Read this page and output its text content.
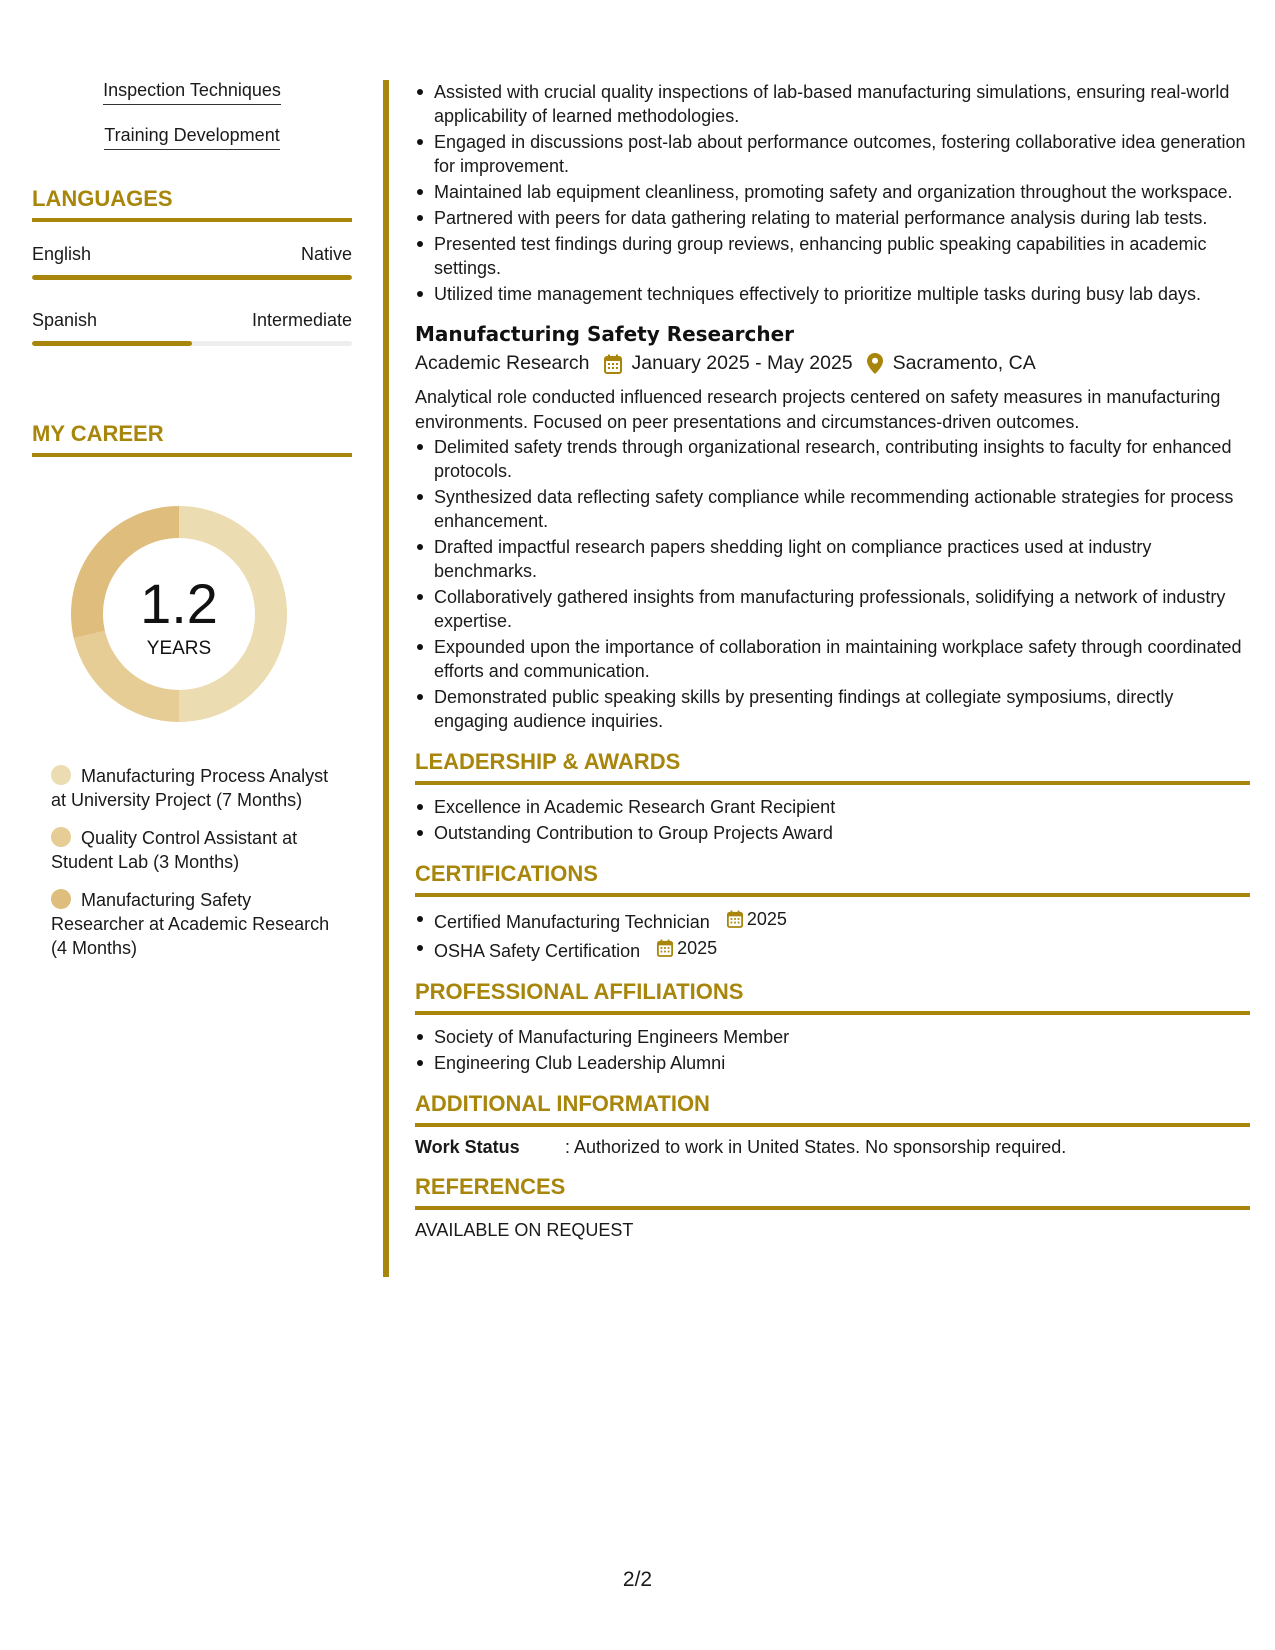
Inspection Techniques
Training Development
LANGUAGES
English	Native
Spanish	Intermediate
MY CAREER
1.2
YEARS
Manufacturing Process Analyst at University Project (7 Months)
Quality Control Assistant at Student Lab (3 Months)
Manufacturing Safety Researcher at Academic Research (4 Months)
Assisted with crucial quality inspections of lab-based manufacturing simulations, ensuring real-world applicability of learned methodologies.
Engaged in discussions post-lab about performance outcomes, fostering collaborative idea generation for improvement.
Maintained lab equipment cleanliness, promoting safety and organization throughout the workspace.
Partnered with peers for data gathering relating to material performance analysis during lab tests.
Presented test findings during group reviews, enhancing public speaking capabilities in academic settings.
Utilized time management techniques effectively to prioritize multiple tasks during busy lab days.
Manufacturing Safety Researcher
Academic Research January 2025 - May 2025 Sacramento, CA
Analytical role conducted influenced research projects centered on safety measures in manufacturing environments. Focused on peer presentations and circumstances-driven outcomes.
Delimited safety trends through organizational research, contributing insights to faculty for enhanced protocols.
Synthesized data reflecting safety compliance while recommending actionable strategies for process enhancement.
Drafted impactful research papers shedding light on compliance practices used at industry benchmarks.
Collaboratively gathered insights from manufacturing professionals, solidifying a network of industry expertise.
Expounded upon the importance of collaboration in maintaining workplace safety through coordinated efforts and communication.
Demonstrated public speaking skills by presenting findings at collegiate symposiums, directly engaging audience inquiries.
LEADERSHIP & AWARDS
Excellence in Academic Research Grant Recipient
Outstanding Contribution to Group Projects Award
CERTIFICATIONS
Certified Manufacturing Technician 2025
OSHA Safety Certification 2025
PROFESSIONAL AFFILIATIONS
Society of Manufacturing Engineers Member
Engineering Club Leadership Alumni
ADDITIONAL INFORMATION
Work Status	: Authorized to work in United States. No sponsorship required.
REFERENCES
AVAILABLE ON REQUEST
2/2
